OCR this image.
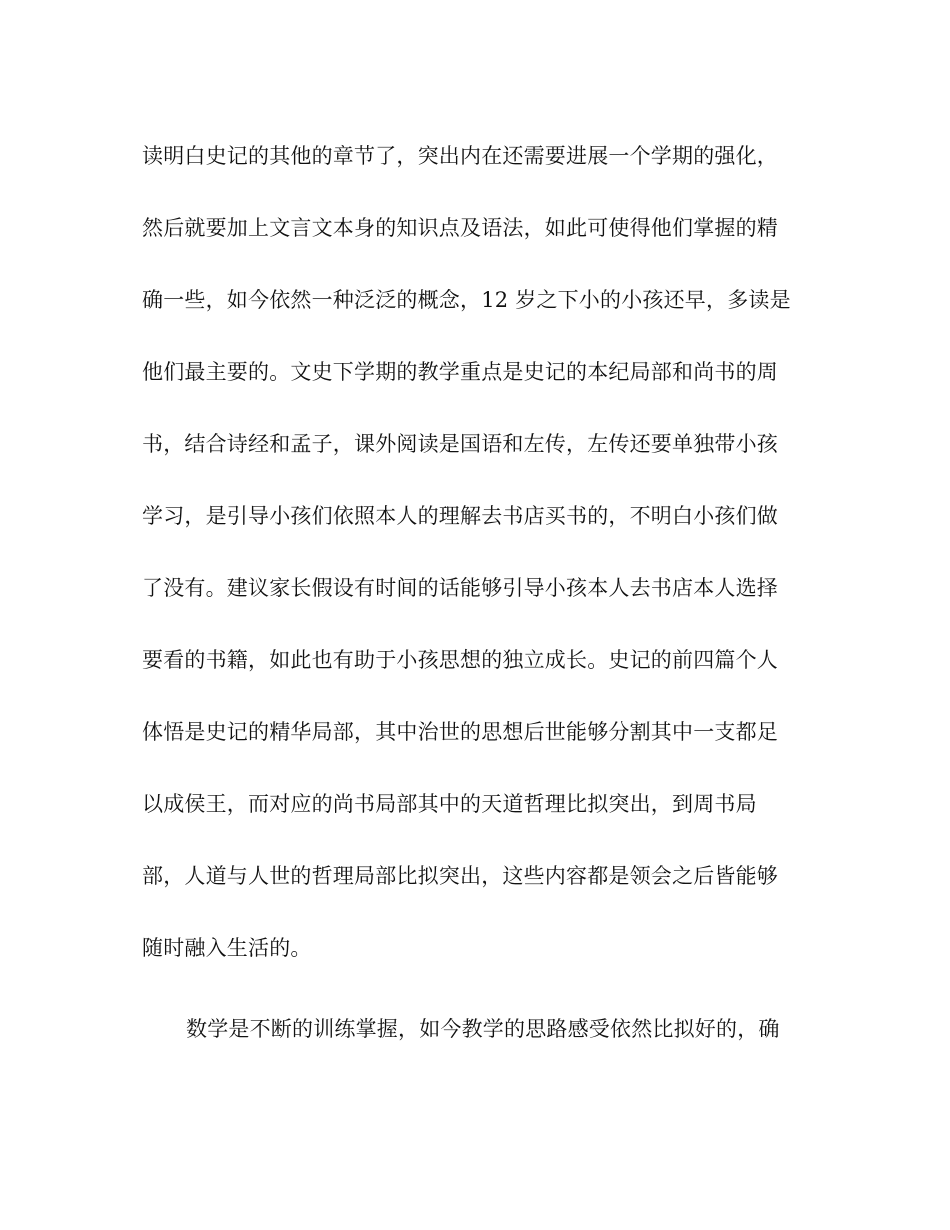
读明白史记的其他的章节了，突出内在还需要进展一个学期的强化，
然后就要加上文言文本身的知识点及语法，如此可使得他们掌握的精
确一些，如今依然一种泛泛的概念，12 岁之下小的小孩还早，多读是
他们最主要的。文史下学期的教学重点是史记的本纪局部和尚书的周
书，结合诗经和孟子，课外阅读是国语和左传，左传还要单独带小孩
学习，是引导小孩们依照本人的理解去书店买书的，不明白小孩们做
了没有。建议家长假设有时间的话能够引导小孩本人去书店本人选择
要看的书籍，如此也有助于小孩思想的独立成长。史记的前四篇个人
体悟是史记的精华局部，其中治世的思想后世能够分割其中一支都足
以成侯王，而对应的尚书局部其中的天道哲理比拟突出，到周书局
部，人道与人世的哲理局部比拟突出，这些内容都是领会之后皆能够
随时融入生活的。
数学是不断的训练掌握，如今教学的思路感受依然比拟好的，确
